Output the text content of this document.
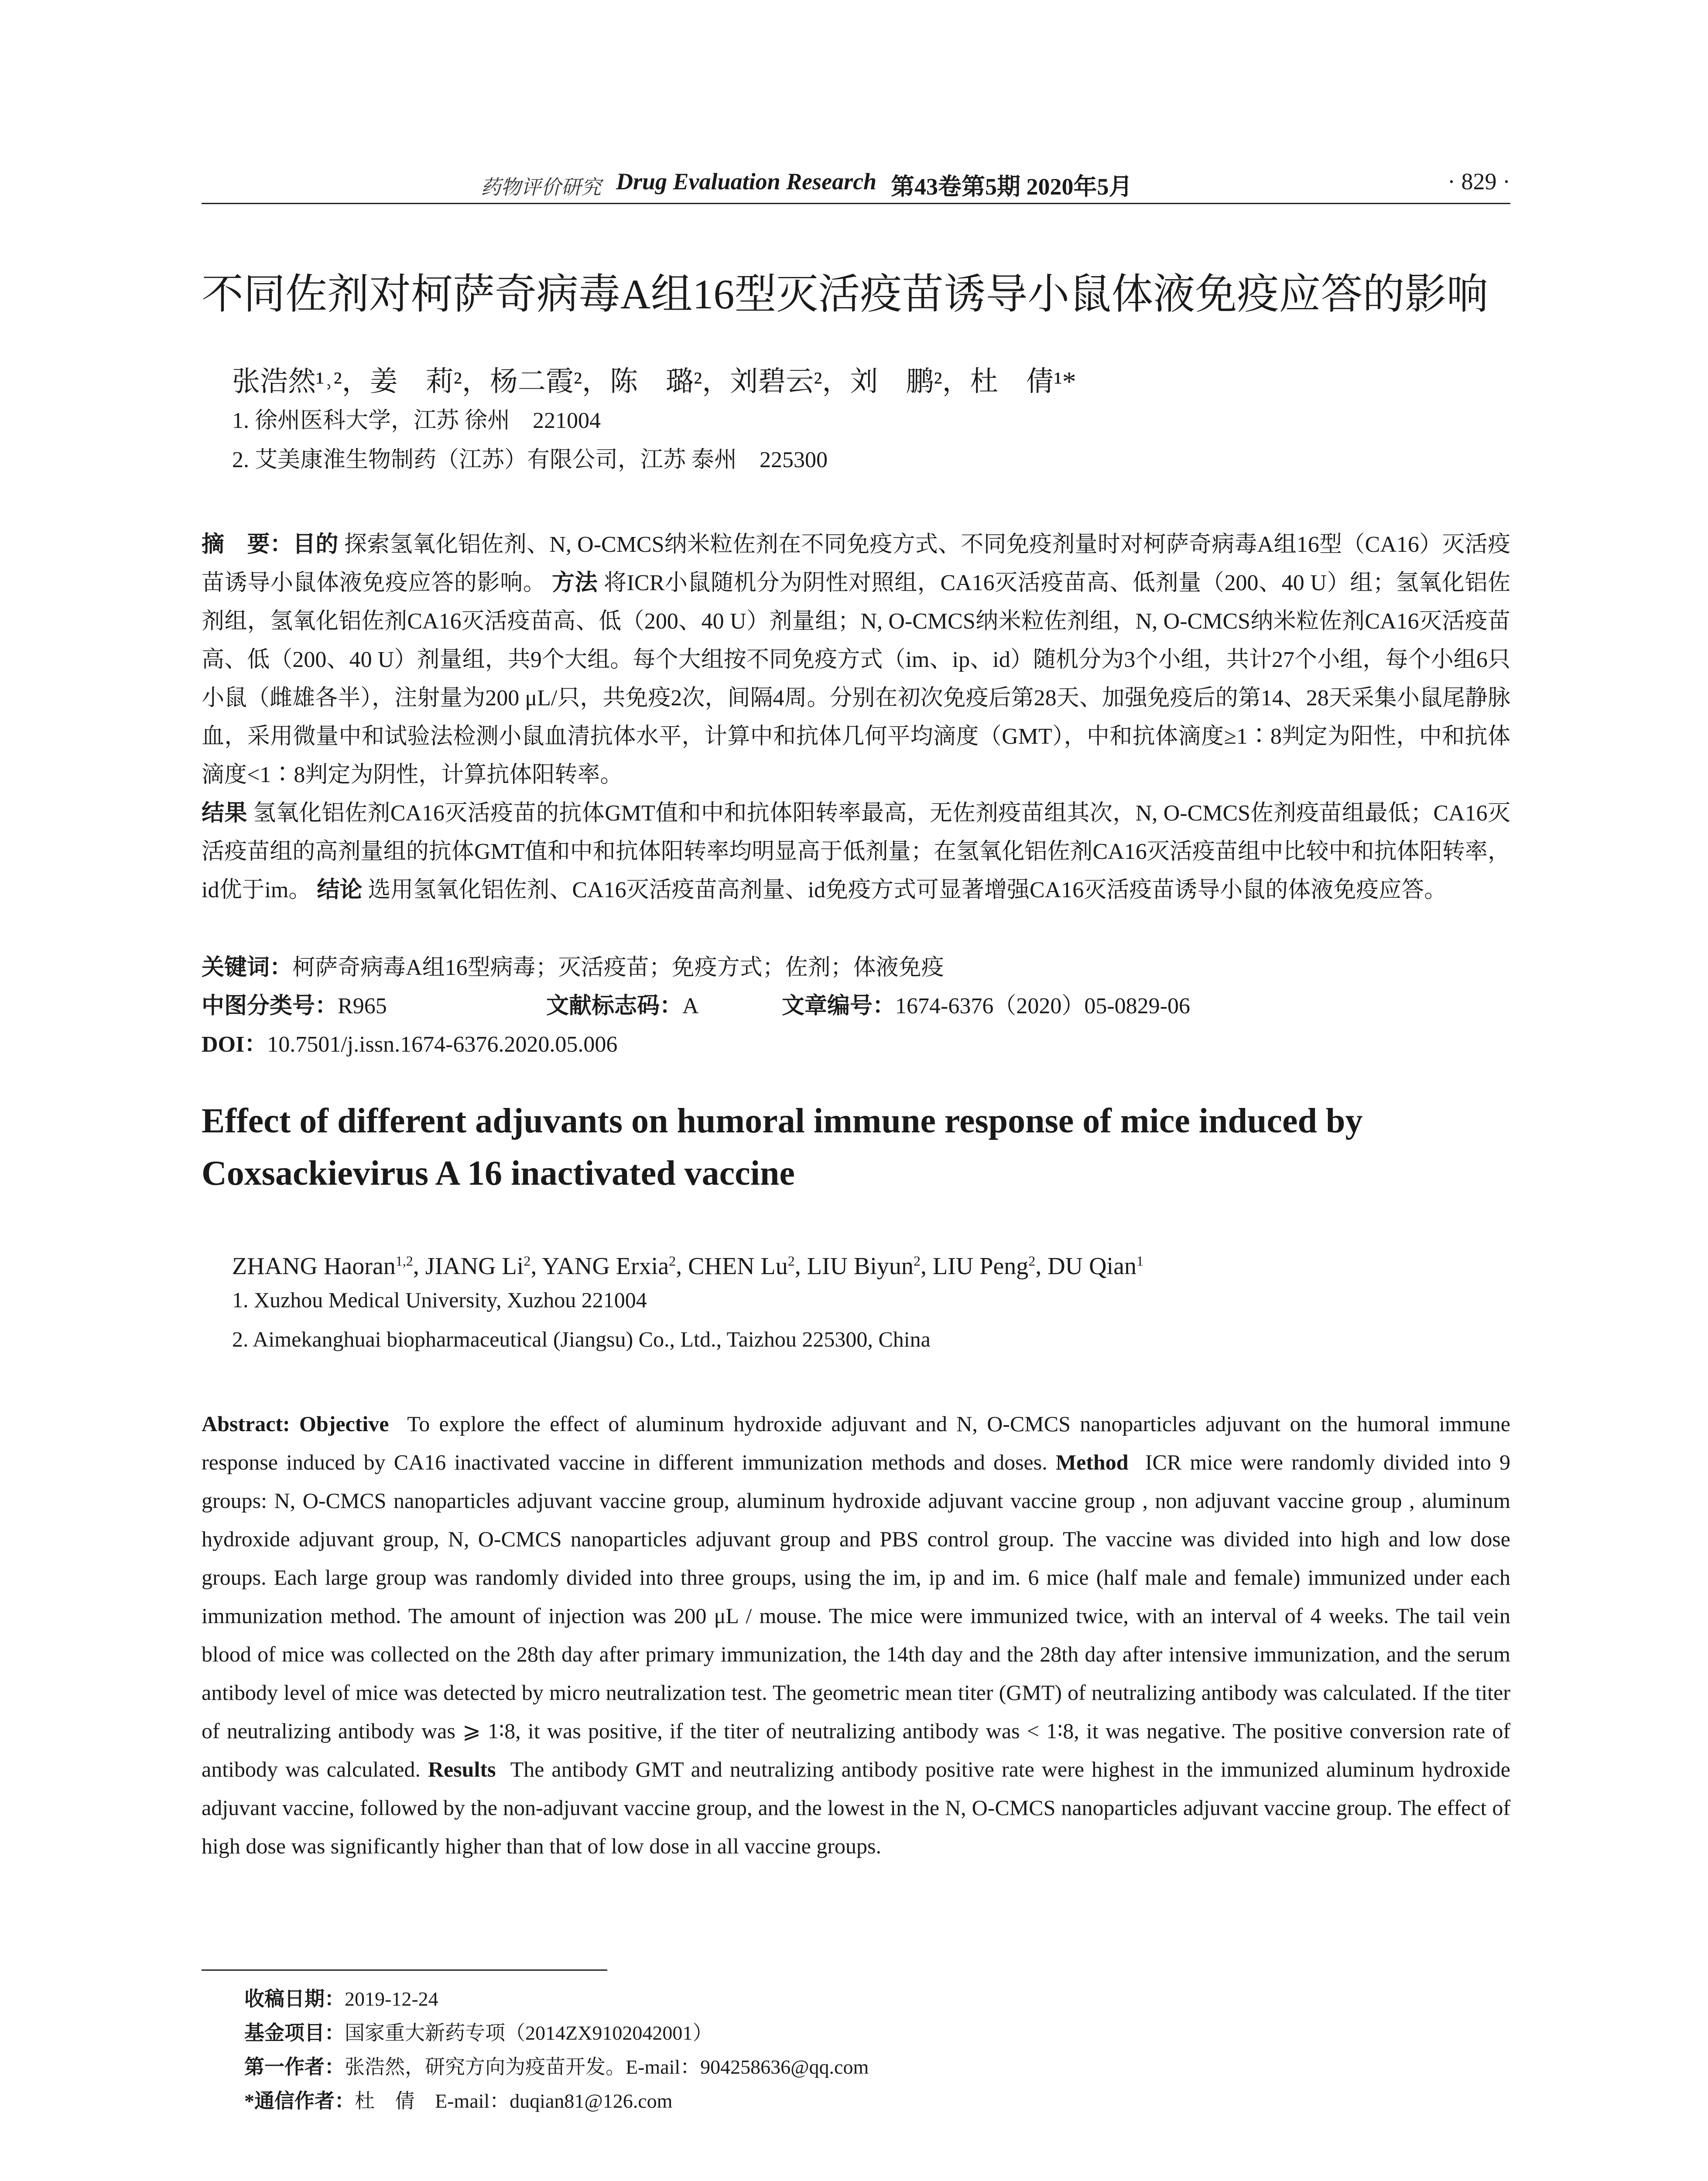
药物评价研究 Drug Evaluation Research 第43卷第5期 2020年5月	· 829 ·
不同佐剂对柯萨奇病毒A组16型灭活疫苗诱导小鼠体液免疫应答的影响
张浩然¹˒²，姜　莉²，杨二霞²，陈　璐²，刘碧云²，刘　鹏²，杜　倩¹*
1. 徐州医科大学，江苏 徐州　221004
2. 艾美康淮生物制药（江苏）有限公司，江苏 泰州　225300
摘　要：目的 探索氢氧化铝佐剂、N, O-CMCS纳米粒佐剂在不同免疫方式、不同免疫剂量时对柯萨奇病毒A组16型（CA16）灭活疫苗诱导小鼠体液免疫应答的影响。 方法 将ICR小鼠随机分为阴性对照组，CA16灭活疫苗高、低剂量（200、40 U）组；氢氧化铝佐剂组，氢氧化铝佐剂CA16灭活疫苗高、低（200、40 U）剂量组；N, O-CMCS纳米粒佐剂组，N, O-CMCS纳米粒佐剂CA16灭活疫苗高、低（200、40 U）剂量组，共9个大组。每个大组按不同免疫方式（im、ip、id）随机分为3个小组，共计27个小组，每个小组6只小鼠（雌雄各半），注射量为200 μL/只，共免疫2次，间隔4周。分别在初次免疫后第28天、加强免疫后的第14、28天采集小鼠尾静脉血，采用微量中和试验法检测小鼠血清抗体水平，计算中和抗体几何平均滴度（GMT），中和抗体滴度≥1∶8判定为阳性，中和抗体滴度<1∶8判定为阴性，计算抗体阳转率。
结果 氢氧化铝佐剂CA16灭活疫苗的抗体GMT值和中和抗体阳转率最高，无佐剂疫苗组其次，N, O-CMCS佐剂疫苗组最低；CA16灭活疫苗组的高剂量组的抗体GMT值和中和抗体阳转率均明显高于低剂量；在氢氧化铝佐剂CA16灭活疫苗组中比较中和抗体阳转率，id优于im。 结论 选用氢氧化铝佐剂、CA16灭活疫苗高剂量、id免疫方式可显著增强CA16灭活疫苗诱导小鼠的体液免疫应答。
关键词：柯萨奇病毒A组16型病毒；灭活疫苗；免疫方式；佐剂；体液免疫
中图分类号： R965	文献标志码： A	文章编号： 1674-6376（2020）05-0829-06
DOI：10.7501/j.issn.1674-6376.2020.05.006
Effect of different adjuvants on humoral immune response of mice induced by Coxsackievirus A 16 inactivated vaccine
ZHANG Haoran$^{1,2}$, JIANG Li$^2$, YANG Erxia$^2$, CHEN Lu$^2$, LIU Biyun$^2$, LIU Peng$^2$, DU Qian$^1$
1. Xuzhou Medical University, Xuzhou 221004
2. Aimekanghuai biopharmaceutical (Jiangsu) Co., Ltd., Taizhou 225300, China
Abstract: Objective To explore the effect of aluminum hydroxide adjuvant and N, O-CMCS nanoparticles adjuvant on the humoral immune response induced by CA16 inactivated vaccine in different immunization methods and doses. Method ICR mice were randomly divided into 9 groups: N, O-CMCS nanoparticles adjuvant vaccine group, aluminum hydroxide adjuvant vaccine group , non adjuvant vaccine group , aluminum hydroxide adjuvant group, N, O-CMCS nanoparticles adjuvant group and PBS control group. The vaccine was divided into high and low dose groups. Each large group was randomly divided into three groups, using the im, ip and im. 6 mice (half male and female) immunized under each immunization method. The amount of injection was 200 μL / mouse. The mice were immunized twice, with an interval of 4 weeks. The tail vein blood of mice was collected on the 28th day after primary immunization, the 14th day and the 28th day after intensive immunization, and the serum antibody level of mice was detected by micro neutralization test. The geometric mean titer (GMT) of neutralizing antibody was calculated. If the titer of neutralizing antibody was ⩾ 1∶8, it was positive, if the titer of neutralizing antibody was < 1∶8, it was negative. The positive conversion rate of antibody was calculated. Results The antibody GMT and neutralizing antibody positive rate were highest in the immunized aluminum hydroxide adjuvant vaccine, followed by the non-adjuvant vaccine group, and the lowest in the N, O-CMCS nanoparticles adjuvant vaccine group. The effect of high dose was significantly higher than that of low dose in all vaccine groups.
收稿日期：2019-12-24
基金项目：国家重大新药专项（2014ZX9102042001）
第一作者：张浩然，研究方向为疫苗开发。E-mail：904258636@qq.com
*通信作者：杜　倩　E-mail：duqian81@126.com
